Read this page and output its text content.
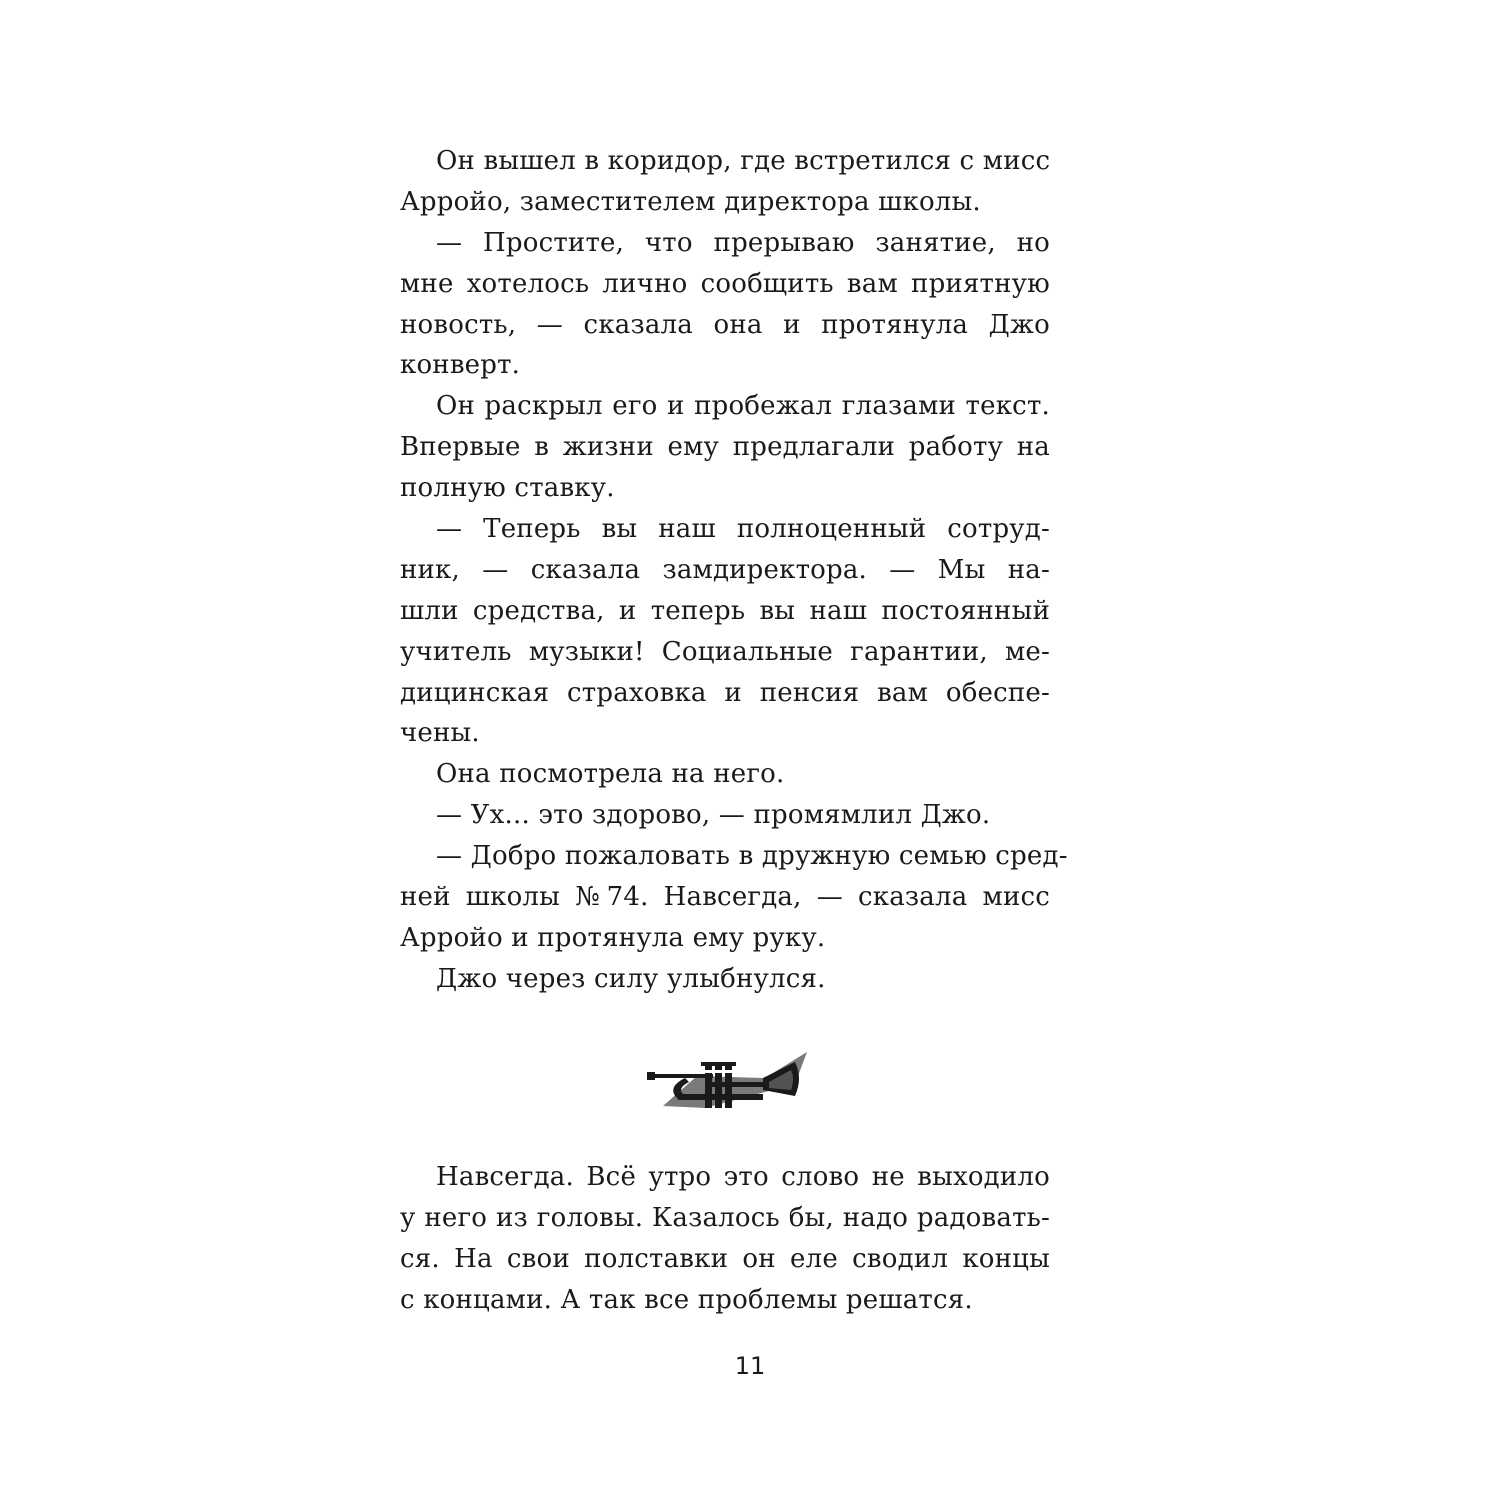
Он вышел в коридор, где встретился с мисс
Арройо, заместителем директора школы.
— Простите, что прерываю занятие, но
мне хотелось лично сообщить вам приятную
новость, — сказала она и протянула Джо
конверт.
Он раскрыл его и пробежал глазами текст.
Впервые в жизни ему предлагали работу на
полную ставку.
— Теперь вы наш полноценный сотруд-
ник, — сказала замдиректора. — Мы на-
шли средства, и теперь вы наш постоянный
учитель музыки! Социальные гарантии, ме-
дицинская страховка и пенсия вам обеспе-
чены.
Она посмотрела на него.
— Ух... это здорово, — промямлил Джо.
— Добро пожаловать в дружную семью сред-
ней школы №74. Навсегда, — сказала мисс
Арройо и протянула ему руку.
Джо через силу улыбнулся.
Навсегда. Всё утро это слово не выходило
у него из головы. Казалось бы, надо радовать-
ся. На свои полставки он еле сводил концы
с концами. А так все проблемы решатся.
11
